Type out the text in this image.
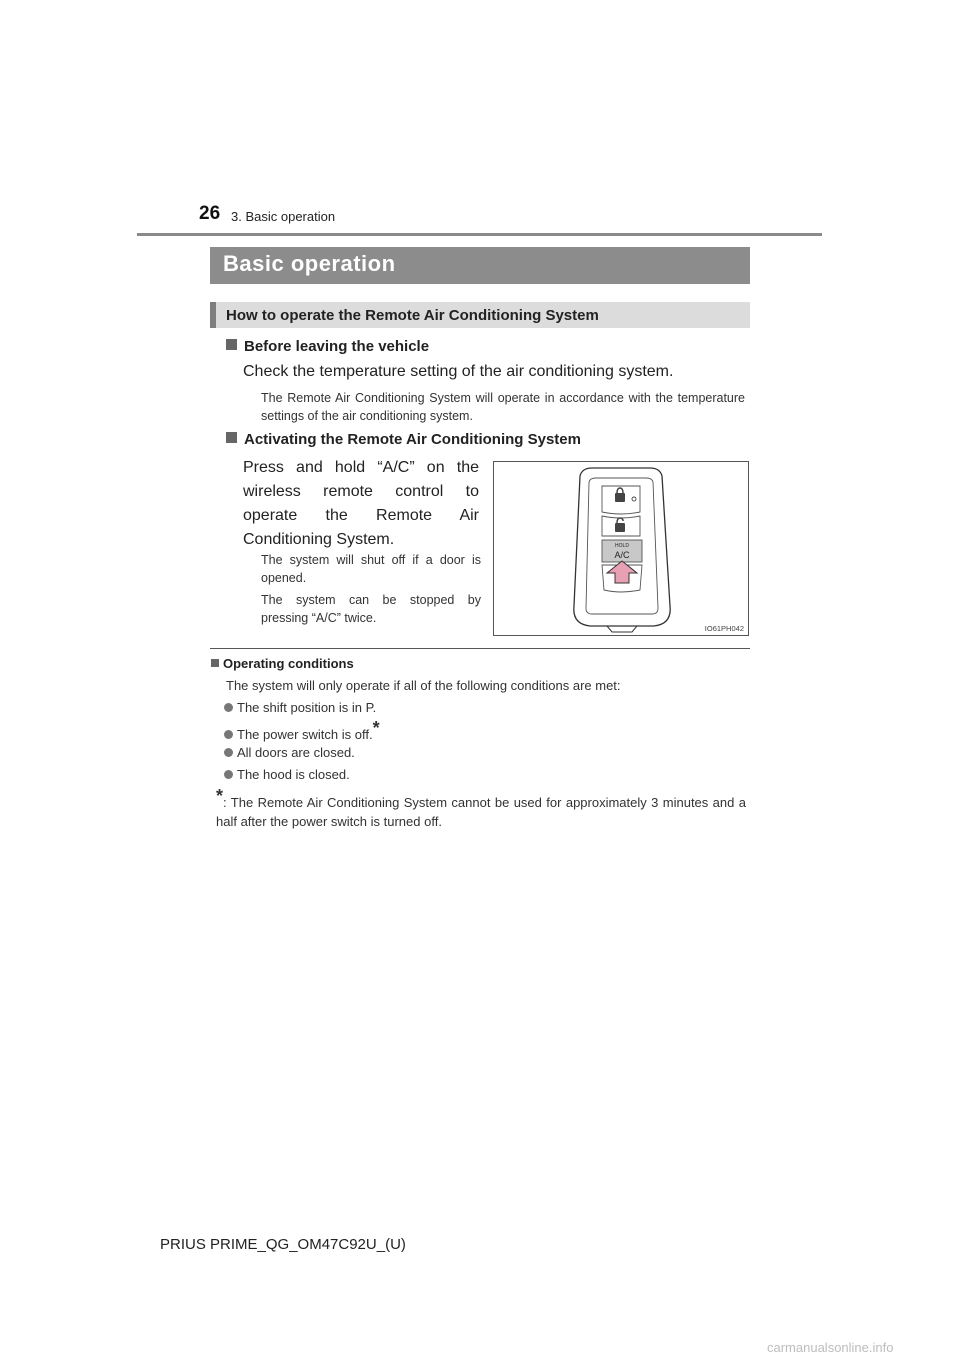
26 3. Basic operation
Basic operation
How to operate the Remote Air Conditioning System
Before leaving the vehicle
Check the temperature setting of the air conditioning system.
The Remote Air Conditioning System will operate in accordance with the temperature settings of the air conditioning system.
Activating the Remote Air Conditioning System
Press and hold “A/C” on the wireless remote control to operate the Remote Air Conditioning System.
The system will shut off if a door is opened.
The system can be stopped by pressing “A/C” twice.
HOLD
A/C
IO61PH042
Operating conditions
The system will only operate if all of the following conditions are met:
The shift position is in P.
The power switch is off.*
All doors are closed.
The hood is closed.
*: The Remote Air Conditioning System cannot be used for approximately 3 minutes and a half after the power switch is turned off.
PRIUS PRIME_QG_OM47C92U_(U)
carmanualsonline.info
